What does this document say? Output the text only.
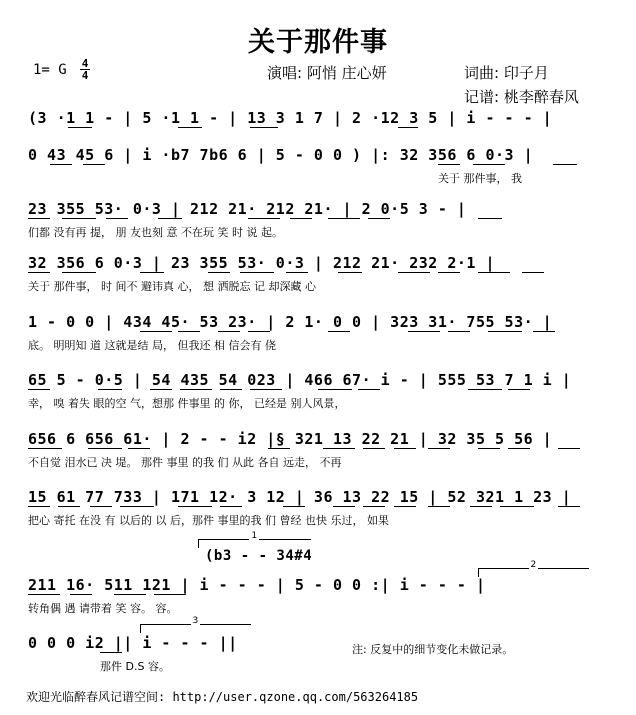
关于那件事
1= G 4
4	演唱: 阿悄 庄心妍	词曲: 印子月
记谱: 桃李醉春风
(3 ·1 1 - | 5 ·1 1 - | 13 3 1 7 | 2 ·12 3 5 | i - - - |
0 43 45 6 | i ·b7 7b6 6 | 5 - 0 0 ) |: 32 356 6 0·3 |
关于 那件事， 我
23 355 53· 0·3 | 212 21· 212 21· | 2 0·5 3 - |
们都 没有再 提， 朋 友也刻 意 不在玩 笑 时 说 起。
32 356 6 0·3 | 23 355 53· 0·3 | 212 21· 232 2·1 |
关于 那件事， 时 间不 避讳真 心， 想 洒脱忘 记 却深藏 心
1 - 0 0 | 434 45· 53 23· | 2 1· 0 0 | 323 31· 755 53· |
底。 明明知 道 这就是结 局， 但我还 相 信会有 侥
65 5 - 0·5 | 54 435 54 023 | 466 67· i - | 555 53 7 1 i |
幸， 嗅 着失 眼的空 气，想那 件事里 的 你， 已经是 别人风景，
656 6 656 61· | 2 - - i2 |§ 321 13 22 21 | 32 35 5 56 |
不自觉 泪水已 决 堤。 那件 事里 的我 们 从此 各自 远走， 不再
15 61 77 733 | 171 12· 3 12 | 36 13 22 15 | 52 321 1 23 |
把心 寄托 在没 有 以后的 以 后，那件 事里的我 们 曾经 也快 乐过， 如果
1
(b3 - - 34#4
2
211 16· 511 121 | i - - - | 5 - 0 0 :| i - - - |
转角偶 遇 请带着 笑 容。 容。
3
0 0 0 i2 || i - - - ||
那件 D.S 容。
注: 反复中的细节变化未做记录。
欢迎光临醉春风记谱空间: http://user.qzone.qq.com/563264185
